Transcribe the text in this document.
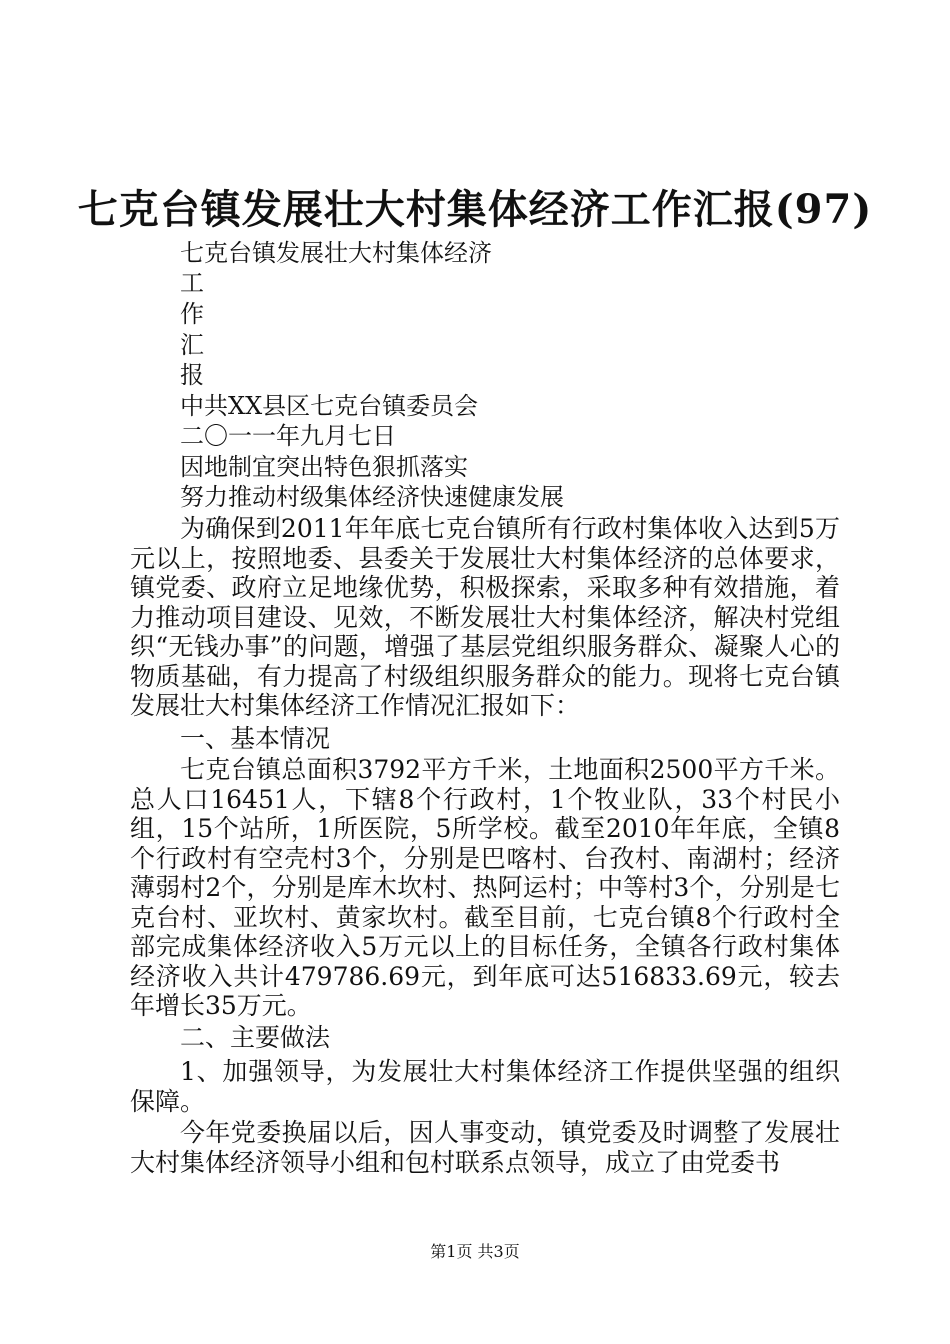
七克台镇发展壮大村集体经济工作汇报(97)
七克台镇发展壮大村集体经济
工
作
汇
报
中共XX县区七克台镇委员会
二〇一一年九月七日
因地制宜突出特色狠抓落实
努力推动村级集体经济快速健康发展

为确保到2011年年底七克台镇所有行政村集体收入达到5万元以上，按照地委、县委关于发展壮大村集体经济的总体要求，镇党委、政府立足地缘优势，积极探索，采取多种有效措施，着力推动项目建设、见效，不断发展壮大村集体经济，解决村党组织“无钱办事”的问题，增强了基层党组织服务群众、凝聚人心的物质基础，有力提高了村级组织服务群众的能力。现将七克台镇发展壮大村集体经济工作情况汇报如下：

一、基本情况

七克台镇总面积3792平方千米，土地面积2500平方千米。总人口16451人，下辖8个行政村，1个牧业队，33个村民小组，15个站所，1所医院，5所学校。截至2010年年底，全镇8个行政村有空壳村3个，分别是巴喀村、台孜村、南湖村；经济薄弱村2个，分别是库木坎村、热阿运村；中等村3个，分别是七克台村、亚坎村、黄家坎村。截至目前，七克台镇8个行政村全部完成集体经济收入5万元以上的目标任务，全镇各行政村集体经济收入共计479786.69元，到年底可达516833.69元，较去年增长35万元。

二、主要做法

1、加强领导，为发展壮大村集体经济工作提供坚强的组织保障。

今年党委换届以后，因人事变动，镇党委及时调整了发展壮大村集体经济领导小组和包村联系点领导，成立了由党委书

第1页 共3页
